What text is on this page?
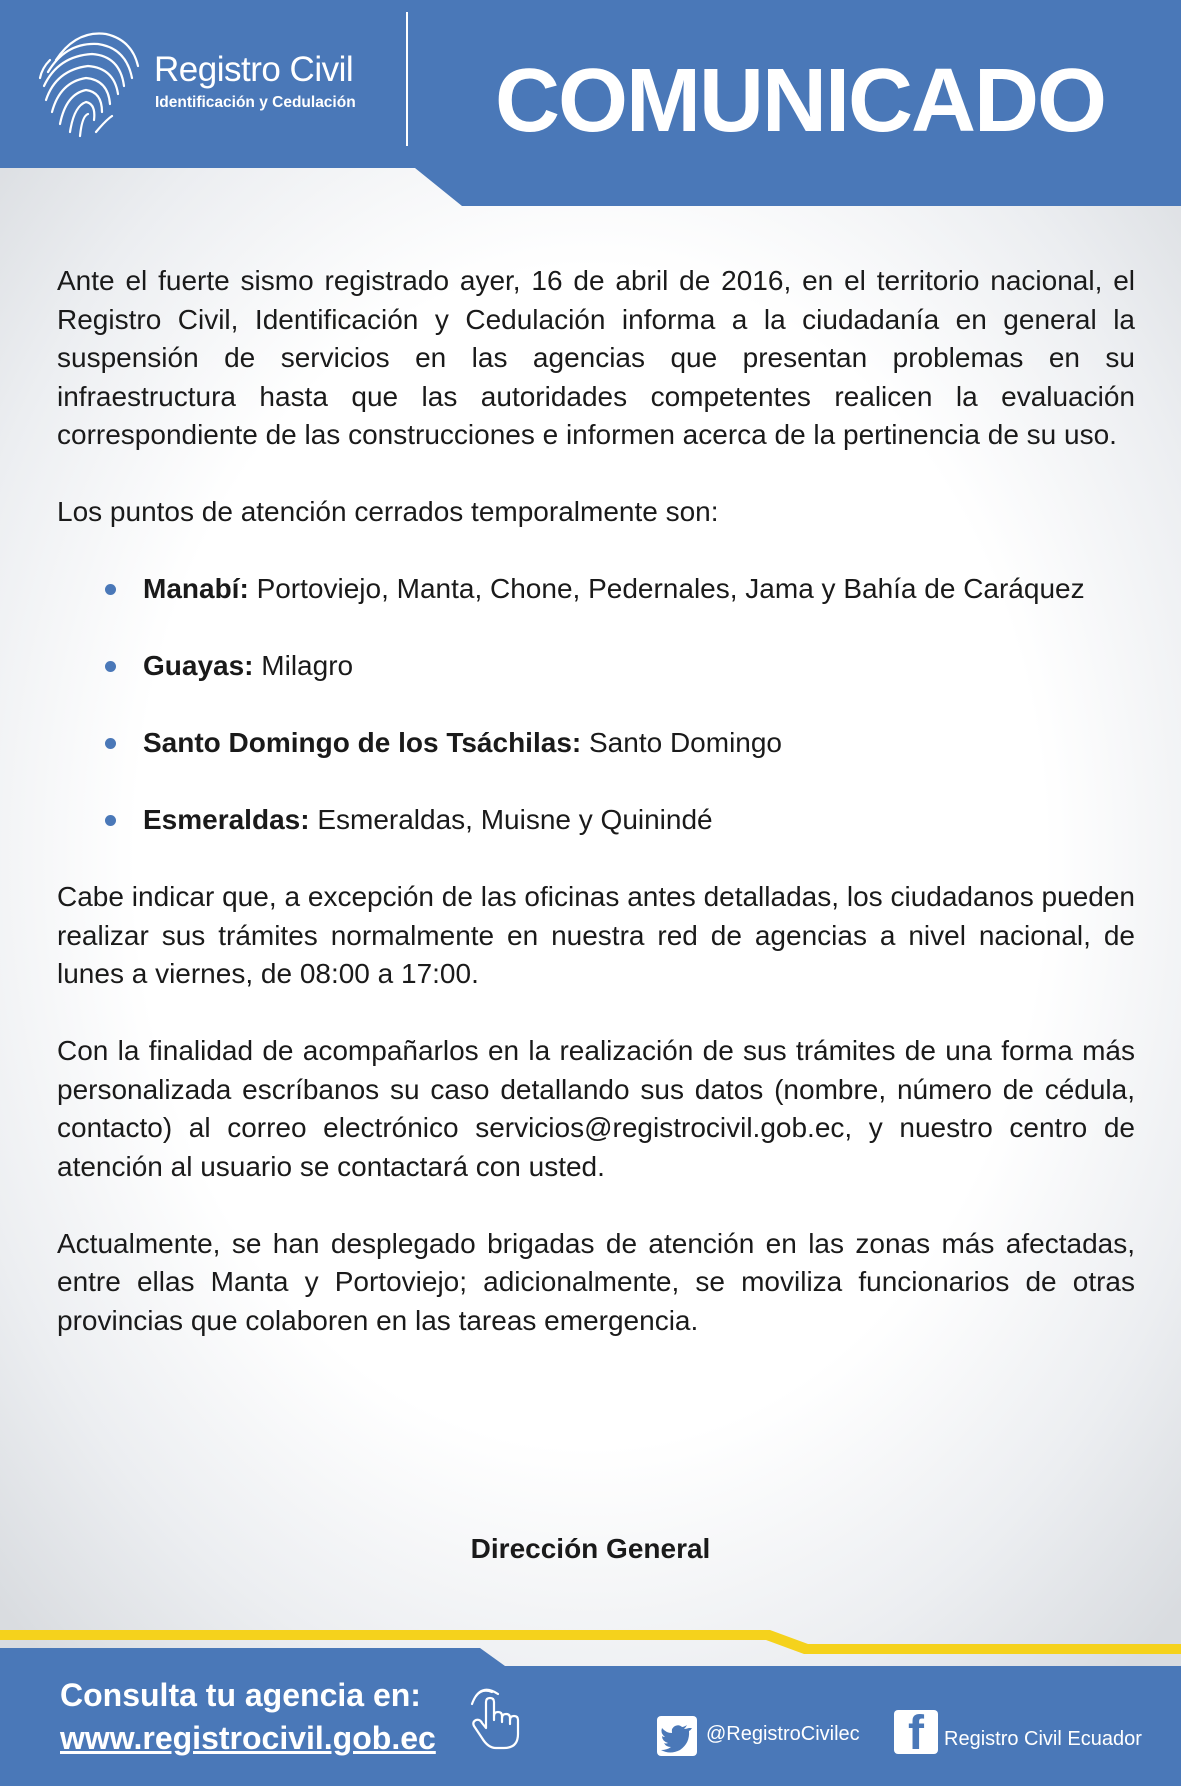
Registro Civil
Identificación y Cedulación	COMUNICADO

Ante el fuerte sismo registrado ayer, 16 de abril de 2016, en el territorio nacional, el Registro Civil, Identificación y Cedulación informa a la ciudadanía en general la suspensión de servicios en las agencias que presentan problemas en su infraestructura hasta que las autoridades competentes realicen la evaluación correspondiente de las construcciones e informen acerca de la pertinencia de su uso.

Los puntos de atención cerrados temporalmente son:

Manabí: Portoviejo, Manta, Chone, Pedernales, Jama y Bahía de Caráquez
Guayas: Milagro
Santo Domingo de los Tsáchilas: Santo Domingo
Esmeraldas: Esmeraldas, Muisne y Quinindé

Cabe indicar que, a excepción de las oficinas antes detalladas, los ciudadanos pueden realizar sus trámites normalmente en nuestra red de agencias a nivel nacional, de lunes a viernes, de 08:00 a 17:00.

Con la finalidad de acompañarlos en la realización de sus trámites de una forma más personalizada escríbanos su caso detallando sus datos (nombre, número de cédula, contacto) al correo electrónico servicios@registrocivil.gob.ec, y nuestro centro de atención al usuario se contactará con usted.

Actualmente, se han desplegado brigadas de atención en las zonas más afectadas, entre ellas Manta y Portoviejo; adicionalmente, se moviliza funcionarios de otras provincias que colaboren en las tareas emergencia.

Dirección General
Consulta tu agencia en:
www.registrocivil.gob.ec	@RegistroCivilec f Registro Civil Ecuador
